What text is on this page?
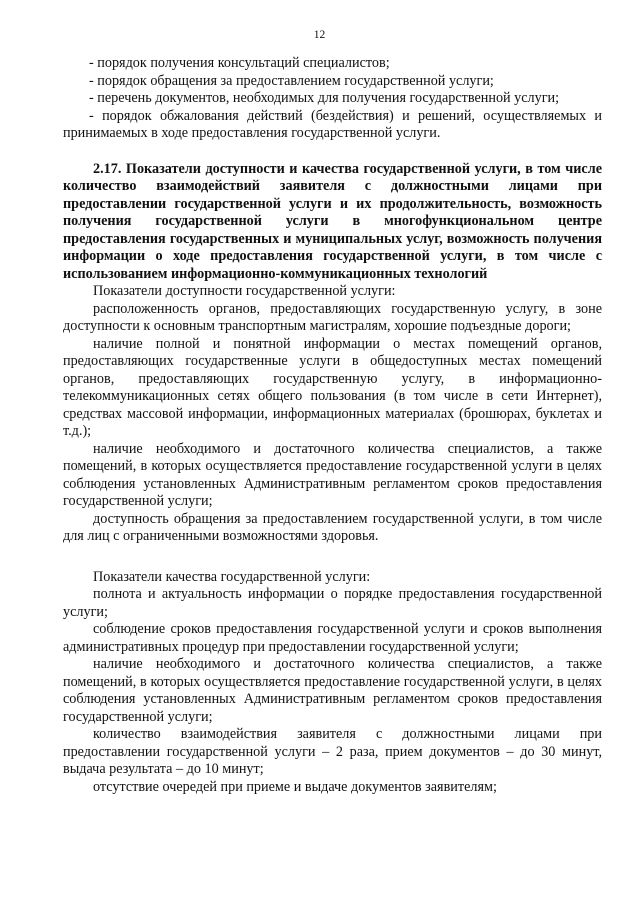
12

- порядок получения консультаций специалистов;

- порядок обращения за предоставлением государственной услуги;

- перечень документов, необходимых для получения государственной услуги;

- порядок обжалования действий (бездействия) и решений, осуществляемых и принимаемых в ходе предоставления государственной услуги.

2.17. Показатели доступности и качества государственной услуги, в том числе количество взаимодействий заявителя с должностными лицами при предоставлении государственной услуги и их продолжительность, возможность получения государственной услуги в многофункциональном центре предоставления государственных и муниципальных услуг, возможность получения информации о ходе предоставления государственной услуги, в том числе с использованием информационно-коммуникационных технологий

Показатели доступности государственной услуги:

расположенность органов, предоставляющих государственную услугу, в зоне доступности к основным транспортным магистралям, хорошие подъездные дороги;

наличие полной и понятной информации о местах помещений органов, предоставляющих государственные услуги в общедоступных местах помещений органов, предоставляющих государственную услугу, в информационно-телекоммуникационных сетях общего пользования (в том числе в сети Интернет), средствах массовой информации, информационных материалах (брошюрах, буклетах и т.д.);

наличие необходимого и достаточного количества специалистов, а также помещений, в которых осуществляется предоставление государственной услуги в целях соблюдения установленных Административным регламентом сроков предоставления государственной услуги;

доступность обращения за предоставлением государственной услуги, в том числе для лиц с ограниченными возможностями здоровья.

Показатели качества государственной услуги:

полнота и актуальность информации о порядке предоставления государственной услуги;

соблюдение сроков предоставления государственной услуги и сроков выполнения административных процедур при предоставлении государственной услуги;

наличие необходимого и достаточного количества специалистов, а также помещений, в которых осуществляется предоставление государственной услуги, в целях соблюдения установленных Административным регламентом сроков предоставления государственной услуги;

количество взаимодействия заявителя с должностными лицами при предоставлении государственной услуги – 2 раза, прием документов – до 30 минут, выдача результата – до 10 минут;

отсутствие очередей при приеме и выдаче документов заявителям;
